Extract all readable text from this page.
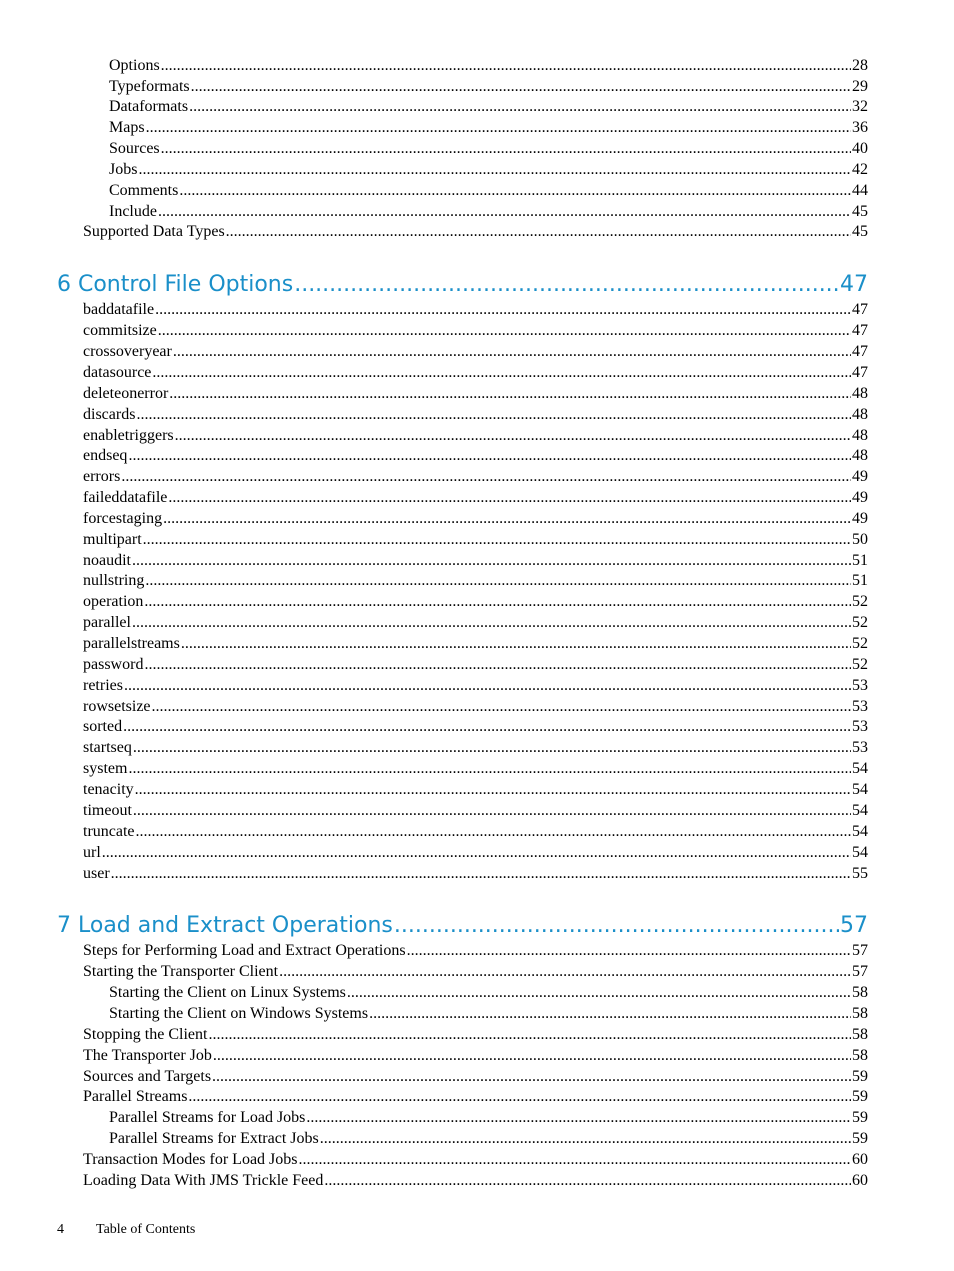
Options .....	28
Typeformats .....	29
Dataformats .....	32
Maps .....	36
Sources .....	40
Jobs .....	42
Comments .....	44
Include .....	45
Supported Data Types .....	45
6 Control File Options .....	47
baddatafile .....	47
commitsize .....	47
crossoveryear .....	47
datasource .....	47
deleteonerror .....	48
discards .....	48
enabletriggers .....	48
endseq .....	48
errors .....	49
faileddatafile .....	49
forcestaging .....	49
multipart .....	50
noaudit .....	51
nullstring .....	51
operation .....	52
parallel .....	52
parallelstreams .....	52
password .....	52
retries .....	53
rowsetsize .....	53
sorted .....	53
startseq .....	53
system .....	54
tenacity .....	54
timeout .....	54
truncate .....	54
url .....	54
user .....	55
7 Load and Extract Operations .....	57
Steps for Performing Load and Extract Operations .....	57
Starting the Transporter Client .....	57
Starting the Client on Linux Systems .....	58
Starting the Client on Windows Systems .....	58
Stopping the Client .....	58
The Transporter Job .....	58
Sources and Targets .....	59
Parallel Streams .....	59
Parallel Streams for Load Jobs .....	59
Parallel Streams for Extract Jobs .....	59
Transaction Modes for Load Jobs .....	60
Loading Data With JMS Trickle Feed .....	60
4	Table of Contents
